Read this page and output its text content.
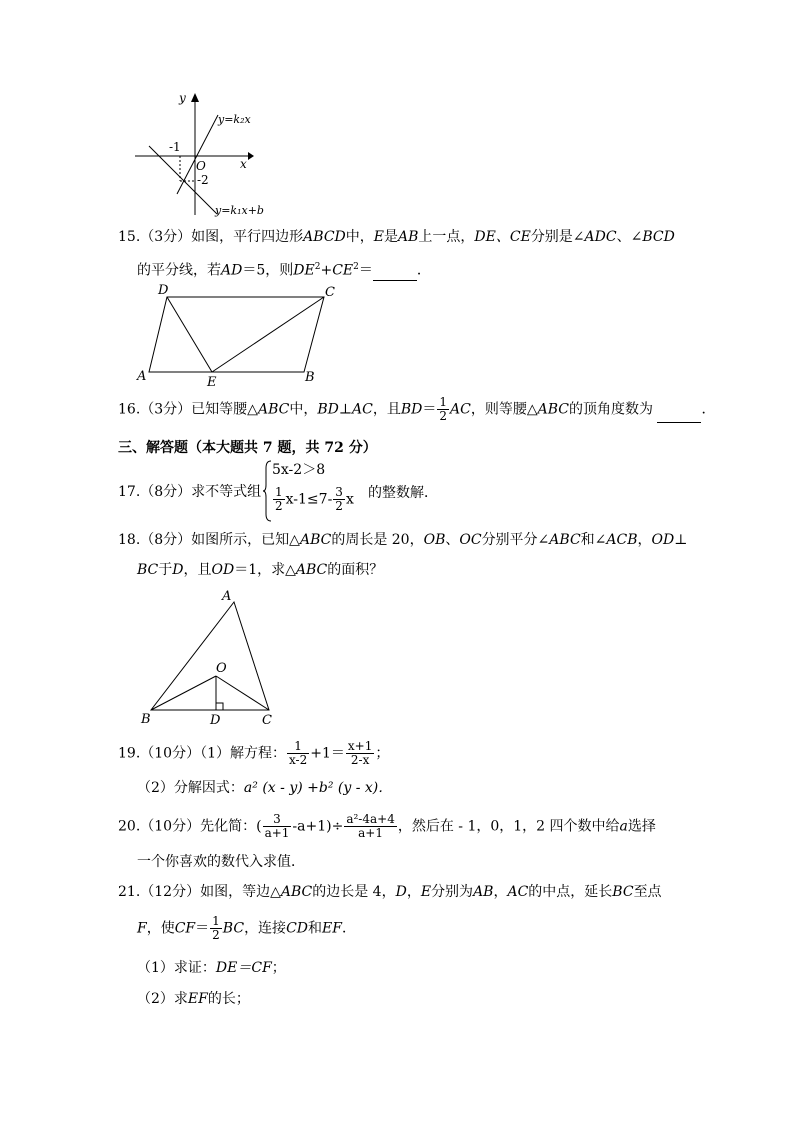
y
x
O
-1
-2
y=k₂x
y=k₁x+b
15.（3分）如图，平行四边形ABCD中，E是AB上一点，DE、CE分别是∠ADC、∠BCD
的平分线，若AD＝5，则$DE^2+CE^2=$	．
D	C
A	E	B
16.（3分）已知等腰△ABC中，BD⊥AC，且$BD= \frac{1}{2}$ AC，则等腰△ABC的顶角度数为	．
三、解答题（本大题共 7 题，共 72 分）
17.（8分）求不等式组
5x-2＞8
$\frac{1}{2} x-1\le 7- \frac{3}{2}$ x 的整数解．
18.（8分）如图所示，已知△ABC的周长是 20，OB、OC分别平分∠ABC和∠ACB，OD⊥
BC于D，且OD＝1，求△ABC的面积？
A
O
B	D	C
19.（10分）（1）解方程： $\frac{1}{x-2} +1= \frac{x+1}{2-x}$ ；
（2）分解因式：a² (x - y) +b² (y - x)．
20.（10分）先化简：( $\frac{3}{a+1} -a+1)\div \frac{\text{a²-4a+4}}{a+1}$ ，然后在 - 1，0，1，2 四个数中给a选择
一个你喜欢的数代入求值．
21.（12分）如图，等边△ABC的边长是 4，D，E分别为AB，AC的中点，延长BC至点
F，使$CF= \frac{1}{2}$ BC，连接CD和EF．
（1）求证：DE＝CF；
（2）求EF的长；
